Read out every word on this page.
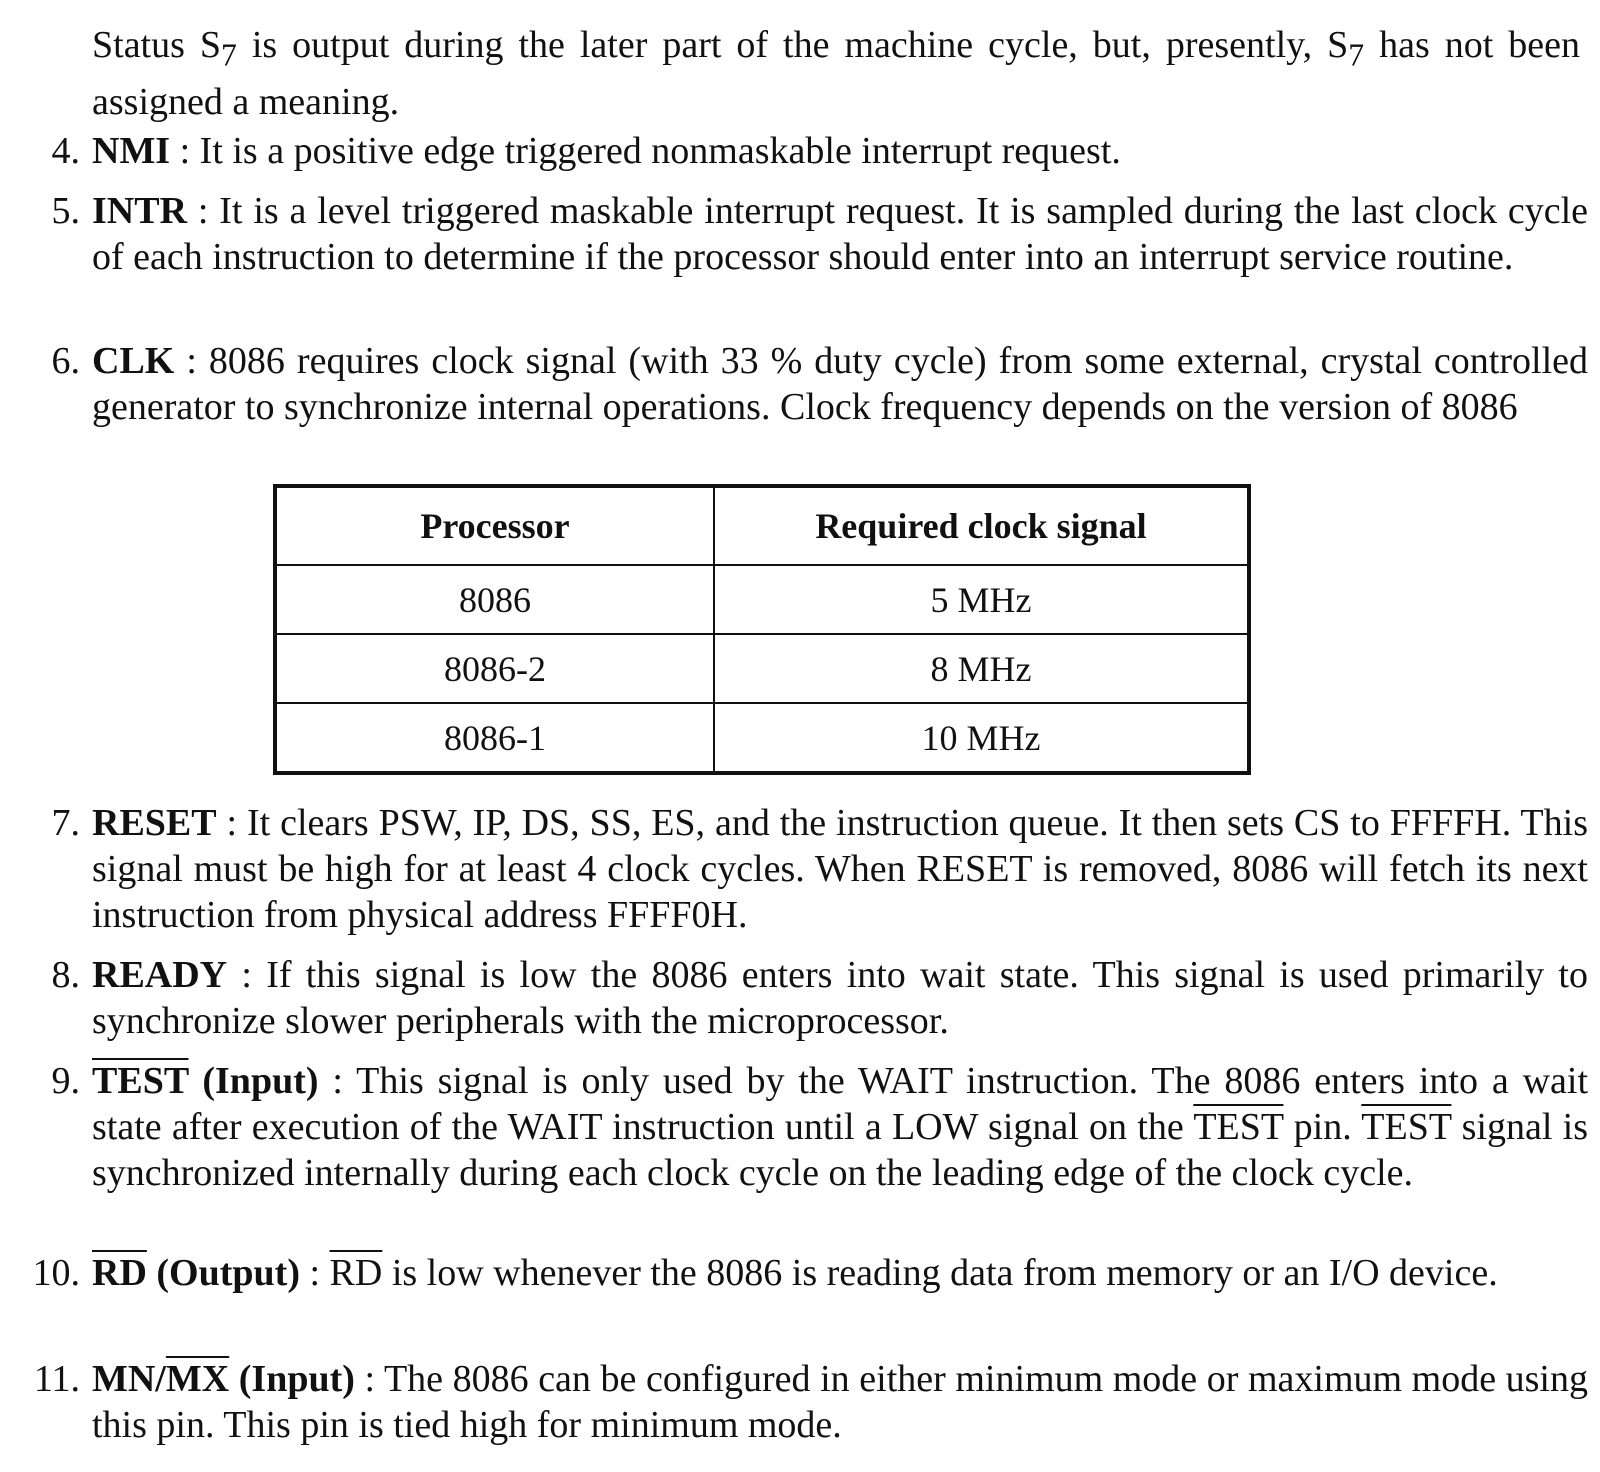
Status $S_7$ is output during the later part of the machine cycle, but, presently, $S_7$ has not been assigned a meaning.
4. NMI : It is a positive edge triggered nonmaskable interrupt request.
5. INTR : It is a level triggered maskable interrupt request. It is sampled during the last clock cycle of each instruction to determine if the processor should enter into an interrupt service routine.
6. CLK : 8086 requires clock signal (with 33 % duty cycle) from some external, crystal controlled generator to synchronize internal operations. Clock frequency depends on the version of 8086
Processor	Required clock signal
8086	5 MHz
8086-2	8 MHz
8086-1	10 MHz
7. RESET : It clears PSW, IP, DS, SS, ES, and the instruction queue. It then sets CS to FFFFH. This signal must be high for at least 4 clock cycles. When RESET is removed, 8086 will fetch its next instruction from physical address FFFF0H.
8. READY : If this signal is low the 8086 enters into wait state. This signal is used primarily to synchronize slower peripherals with the microprocessor.
9. TEST (Input) : This signal is only used by the WAIT instruction. The 8086 enters into a wait state after execution of the WAIT instruction until a LOW signal on the TEST pin. TEST signal is synchronized internally during each clock cycle on the leading edge of the clock cycle.
10. $\overline{RD}$ (Output) : $\overline{RD}$ is low whenever the 8086 is reading data from memory or an I/O device.
11. $MN/\overline{MX}$ (Input) : The 8086 can be configured in either minimum mode or maximum mode using this pin. This pin is tied high for minimum mode.
